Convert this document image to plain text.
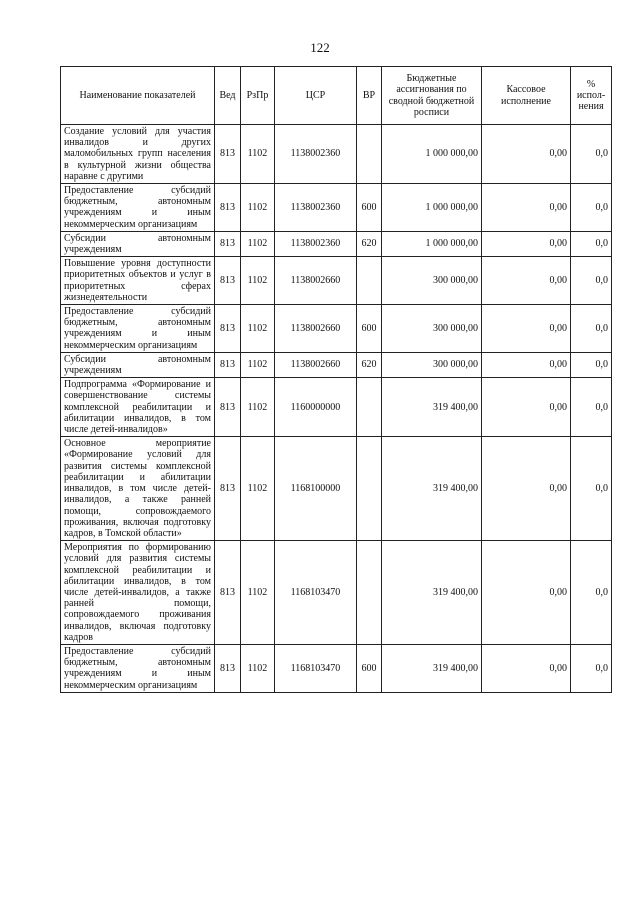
122
Наименование показателей	Вед	РзПр	ЦСР	ВР	Бюджетные ассигнования по сводной бюджетной росписи	Кассовое исполнение	% испол-нения
Создание условий для участия инвалидов и других маломобильных групп населения в культурной жизни общества наравне с другими	813	1102	1138002360		1 000 000,00	0,00	0,0
Предоставление субсидий бюджетным, автономным учреждениям и иным некоммерческим организациям	813	1102	1138002360	600	1 000 000,00	0,00	0,0
Субсидии автономным учреждениям	813	1102	1138002360	620	1 000 000,00	0,00	0,0
Повышение уровня доступности приоритетных объектов и услуг в приоритетных сферах жизнедеятельности	813	1102	1138002660		300 000,00	0,00	0,0
Предоставление субсидий бюджетным, автономным учреждениям и иным некоммерческим организациям	813	1102	1138002660	600	300 000,00	0,00	0,0
Субсидии автономным учреждениям	813	1102	1138002660	620	300 000,00	0,00	0,0
Подпрограмма «Формирование и совершенствование системы комплексной реабилитации и абилитации инвалидов, в том числе детей-инвалидов»	813	1102	1160000000		319 400,00	0,00	0,0
Основное мероприятие «Формирование условий для развития системы комплексной реабилитации и абилитации инвалидов, в том числе детей-инвалидов, а также ранней помощи, сопровождаемого проживания, включая подготовку кадров, в Томской области»	813	1102	1168100000		319 400,00	0,00	0,0
Мероприятия по формированию условий для развития системы комплексной реабилитации и абилитации инвалидов, в том числе детей-инвалидов, а также ранней помощи, сопровождаемого проживания инвалидов, включая подготовку кадров	813	1102	1168103470		319 400,00	0,00	0,0
Предоставление субсидий бюджетным, автономным учреждениям и иным некоммерческим организациям	813	1102	1168103470	600	319 400,00	0,00	0,0
